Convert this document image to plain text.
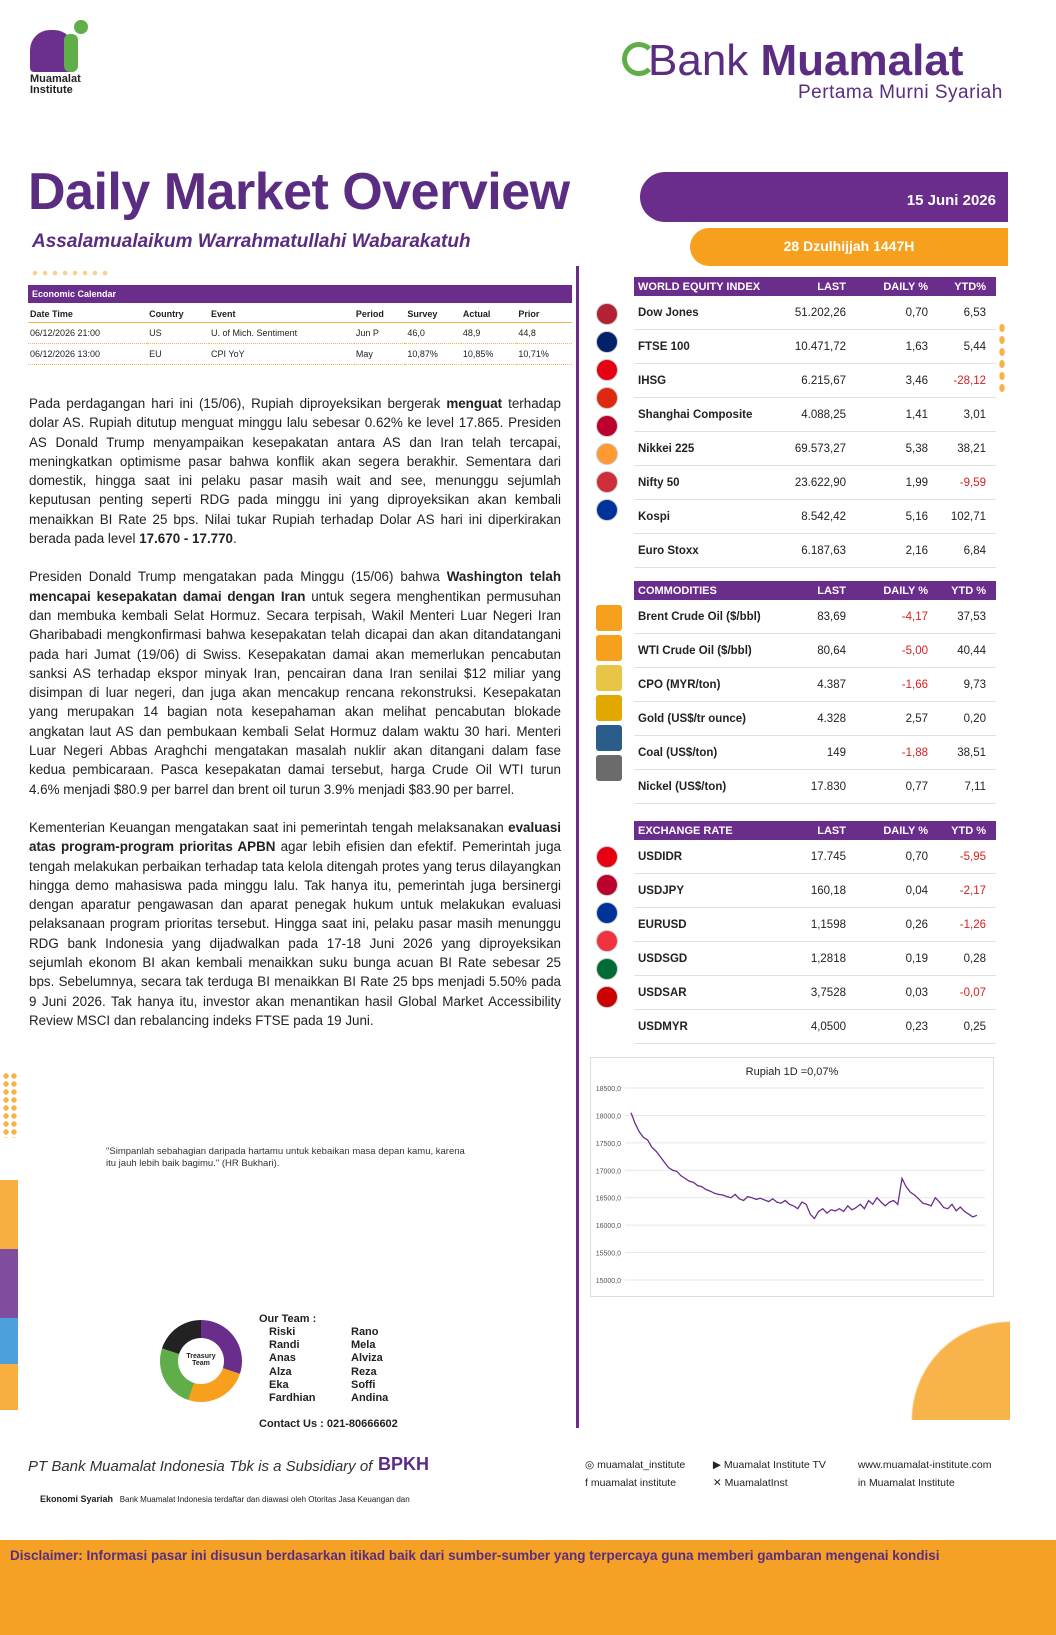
Muamalat Institute
Bank Muamalat
Pertama Murni Syariah
Daily Market Overview
Assalamualaikum Warrahmatullahi Wabarakatuh
15 Juni 2026
28 Dzulhijjah 1447H
Economic Calendar
Date Time	Country	Event	Period	Survey	Actual	Prior
06/12/2026 21:00	US	U. of Mich. Sentiment	Jun P	46,0	48,9	44,8
06/12/2026 13:00	EU	CPI YoY	May	10,87%	10,85%	10,71%

Pada perdagangan hari ini (15/06), Rupiah diproyeksikan bergerak menguat terhadap dolar AS. Rupiah ditutup menguat minggu lalu sebesar 0.62% ke level 17.865. Presiden AS Donald Trump menyampaikan kesepakatan antara AS dan Iran telah tercapai, meningkatkan optimisme pasar bahwa konflik akan segera berakhir. Sementara dari domestik, hingga saat ini pelaku pasar masih wait and see, menunggu sejumlah keputusan penting seperti RDG pada minggu ini yang diproyeksikan akan kembali menaikkan BI Rate 25 bps. Nilai tukar Rupiah terhadap Dolar AS hari ini diperkirakan berada pada level 17.670 - 17.770.

Presiden Donald Trump mengatakan pada Minggu (15/06) bahwa Washington telah mencapai kesepakatan damai dengan Iran untuk segera menghentikan permusuhan dan membuka kembali Selat Hormuz. Secara terpisah, Wakil Menteri Luar Negeri Iran Gharibabadi mengkonfirmasi bahwa kesepakatan telah dicapai dan akan ditandatangani pada hari Jumat (19/06) di Swiss. Kesepakatan damai akan memerlukan pencabutan sanksi AS terhadap ekspor minyak Iran, pencairan dana Iran senilai $12 miliar yang disimpan di luar negeri, dan juga akan mencakup rencana rekonstruksi. Kesepakatan yang merupakan 14 bagian nota kesepahaman akan melihat pencabutan blokade angkatan laut AS dan pembukaan kembali Selat Hormuz dalam waktu 30 hari. Menteri Luar Negeri Abbas Araghchi mengatakan masalah nuklir akan ditangani dalam fase kedua pembicaraan. Pasca kesepakatan damai tersebut, harga Crude Oil WTI turun 4.6% menjadi $80.9 per barrel dan brent oil turun 3.9% menjadi $83.90 per barrel.

Kementerian Keuangan mengatakan saat ini pemerintah tengah melaksanakan evaluasi atas program-program prioritas APBN agar lebih efisien dan efektif. Pemerintah juga tengah melakukan perbaikan terhadap tata kelola ditengah protes yang terus dilayangkan hingga demo mahasiswa pada minggu lalu. Tak hanya itu, pemerintah juga bersinergi dengan aparatur pengawasan dan aparat penegak hukum untuk melakukan evaluasi pelaksanaan program prioritas tersebut. Hingga saat ini, pelaku pasar masih menunggu RDG bank Indonesia yang dijadwalkan pada 17-18 Juni 2026 yang diproyeksikan sejumlah ekonom BI akan kembali menaikkan suku bunga acuan BI Rate sebesar 25 bps. Sebelumnya, secara tak terduga BI menaikkan BI Rate 25 bps menjadi 5.50% pada 9 Juni 2026. Tak hanya itu, investor akan menantikan hasil Global Market Accessibility Review MSCI dan rebalancing indeks FTSE pada 19 Juni.

"Simpanlah sebahagian daripada hartamu untuk kebaikan masa depan kamu, karena itu jauh lebih baik bagimu." (HR Bukhari).
Treasury Team
Our Team :
Riski
Randi
Anas
Alza
Eka
Fardhian
Rano
Mela
Alviza
Reza
Soffi
Andina
Contact Us : 021-80666602
WORLD EQUITY INDEX	LAST	DAILY %	YTD%
Dow Jones	51.202,26	0,70	6,53
FTSE 100	10.471,72	1,63	5,44
IHSG	6.215,67	3,46	-28,12
Shanghai Composite	4.088,25	1,41	3,01
Nikkei 225	69.573,27	5,38	38,21
Nifty 50	23.622,90	1,99	-9,59
Kospi	8.542,42	5,16	102,71
Euro Stoxx	6.187,63	2,16	6,84
COMMODITIES	LAST	DAILY %	YTD %
Brent Crude Oil ($/bbl)	83,69	-4,17	37,53
WTI Crude Oil ($/bbl)	80,64	-5,00	40,44
CPO (MYR/ton)	4.387	-1,66	9,73
Gold (US$/tr ounce)	4.328	2,57	0,20
Coal (US$/ton)	149	-1,88	38,51
Nickel (US$/ton)	17.830	0,77	7,11
EXCHANGE RATE	LAST	DAILY %	YTD %
USDIDR	17.745	0,70	-5,95
USDJPY	160,18	0,04	-2,17
EURUSD	1,1598	0,26	-1,26
USDSGD	1,2818	0,19	0,28
USDSAR	3,7528	0,03	-0,07
USDMYR	4,0500	0,23	0,25
Rupiah 1D =0,07%
18500,0
18000,0
17500,0
17000,0
16500,0
16000,0
15500,0
15000,0
PT Bank Muamalat Indonesia Tbk is a Subsidiary of BPKH
Ekonomi Syariah Bank Muamalat Indonesia terdaftar dan diawasi oleh Otoritas Jasa Keuangan dan
◎ muamalat_institute	▶ Muamalat Institute TV	www.muamalat-institute.com
f muamalat institute	✕ MuamalatInst	in Muamalat Institute
Disclaimer: Informasi pasar ini disusun berdasarkan itikad baik dari sumber-sumber yang terpercaya guna memberi gambaran mengenai kondisi
